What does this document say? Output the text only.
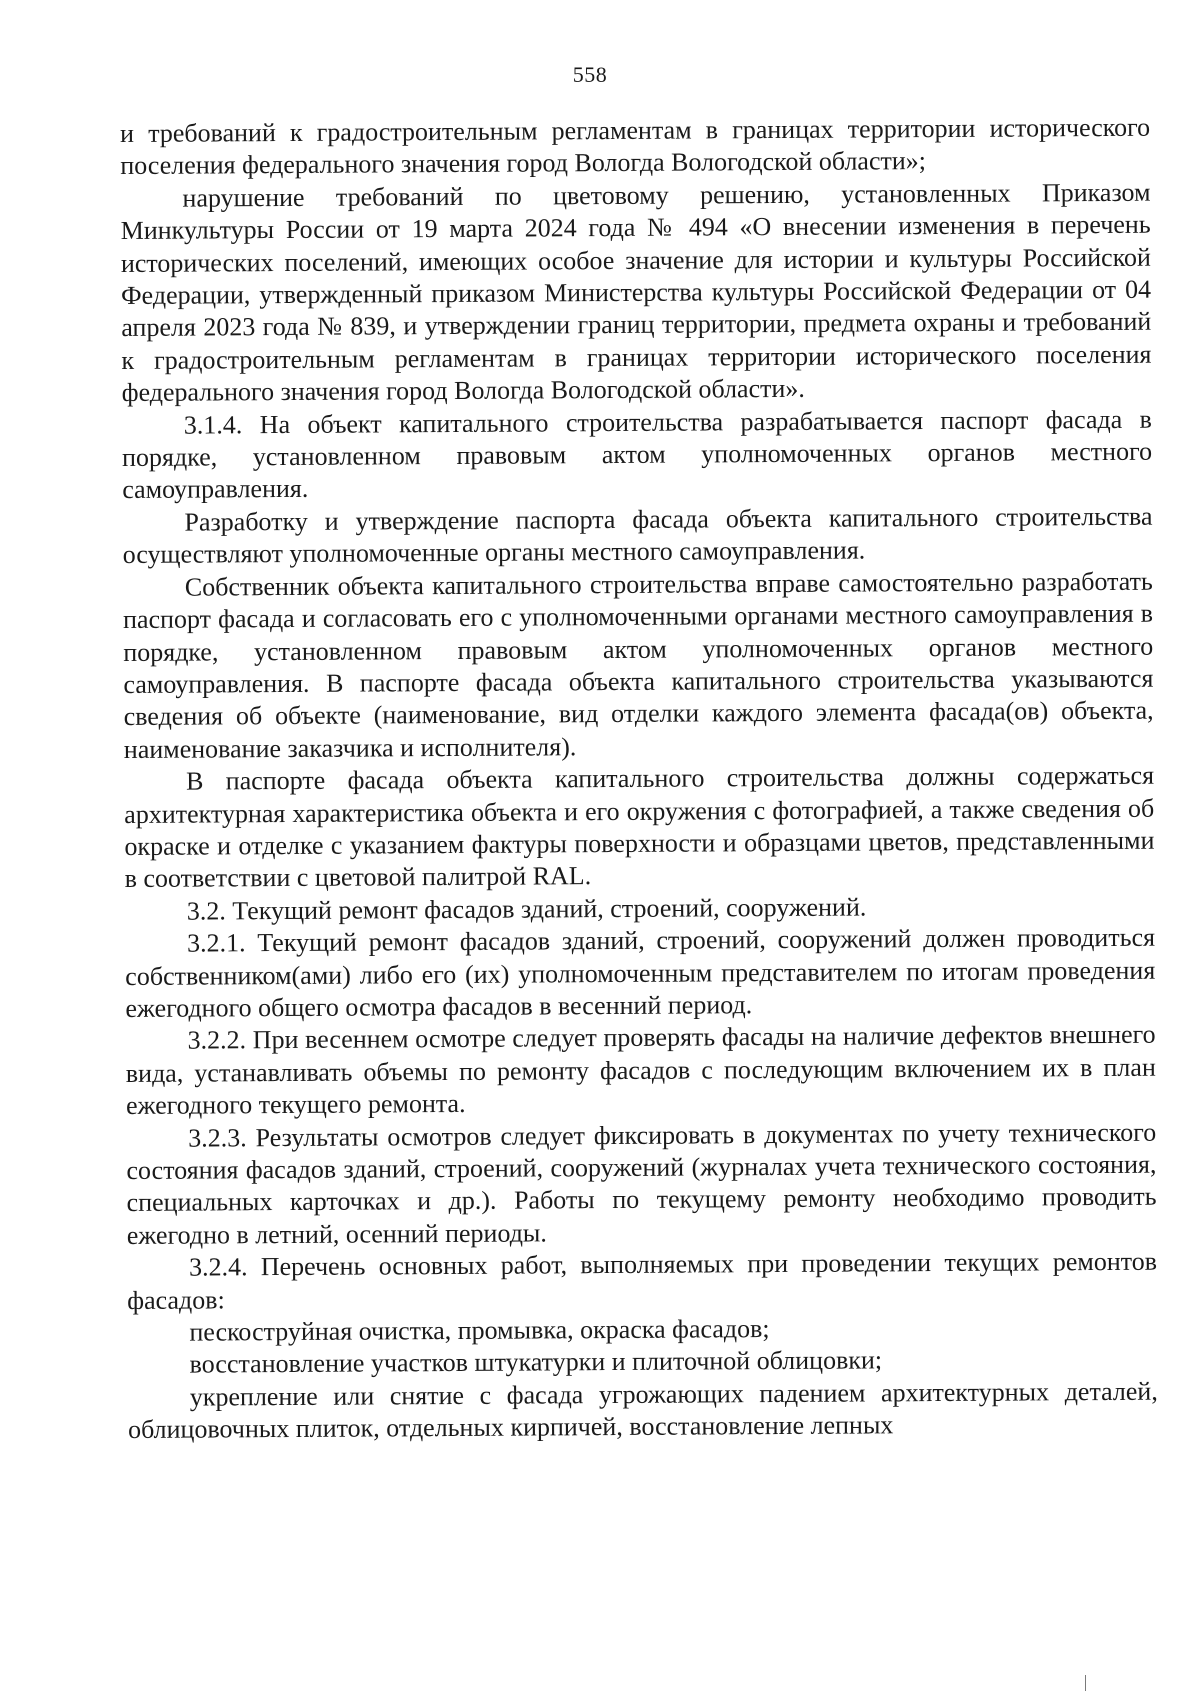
558

и требований к градостроительным регламентам в границах территории исторического поселения федерального значения город Вологда Вологодской области»;

нарушение требований по цветовому решению, установленных Приказом Минкультуры России от 19 марта 2024 года № 494 «О внесении изменения в перечень исторических поселений, имеющих особое значение для истории и культуры Российской Федерации, утвержденный приказом Министерства культуры Российской Федерации от 04 апреля 2023 года № 839, и утверждении границ территории, предмета охраны и требований к градостроительным регламентам в границах территории исторического поселения федерального значения город Вологда Вологодской области».

3.1.4. На объект капитального строительства разрабатывается паспорт фасада в порядке, установленном правовым актом уполномоченных органов местного самоуправления.

Разработку и утверждение паспорта фасада объекта капитального строительства осуществляют уполномоченные органы местного самоуправления.

Собственник объекта капитального строительства вправе самостоятельно разработать паспорт фасада и согласовать его с уполномоченными органами местного самоуправления в порядке, установленном правовым актом уполномоченных органов местного самоуправления. В паспорте фасада объекта капитального строительства указываются сведения об объекте (наименование, вид отделки каждого элемента фасада(ов) объекта, наименование заказчика и исполнителя).

В паспорте фасада объекта капитального строительства должны содержаться архитектурная характеристика объекта и его окружения с фотографией, а также сведения об окраске и отделке с указанием фактуры поверхности и образцами цветов, представленными в соответствии с цветовой палитрой RAL.

3.2. Текущий ремонт фасадов зданий, строений, сооружений.

3.2.1. Текущий ремонт фасадов зданий, строений, сооружений должен проводиться собственником(ами) либо его (их) уполномоченным представителем по итогам проведения ежегодного общего осмотра фасадов в весенний период.

3.2.2. При весеннем осмотре следует проверять фасады на наличие дефектов внешнего вида, устанавливать объемы по ремонту фасадов с последующим включением их в план ежегодного текущего ремонта.

3.2.3. Результаты осмотров следует фиксировать в документах по учету технического состояния фасадов зданий, строений, сооружений (журналах учета технического состояния, специальных карточках и др.). Работы по текущему ремонту необходимо проводить ежегодно в летний, осенний периоды.

3.2.4. Перечень основных работ, выполняемых при проведении текущих ремонтов фасадов:

пескоструйная очистка, промывка, окраска фасадов;

восстановление участков штукатурки и плиточной облицовки;

укрепление или снятие с фасада угрожающих падением архитектурных деталей, облицовочных плиток, отдельных кирпичей, восстановление лепных
